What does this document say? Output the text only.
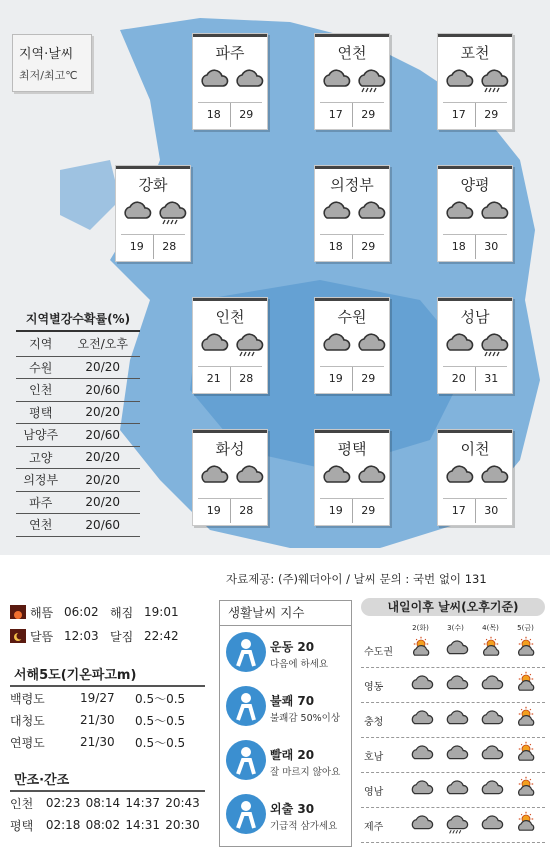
지역·날씨
최저/최고℃
파주
18	29
연천
17	29
포천
17	29
강화
19	28
의정부
18	29
양평
18	30
인천
21	28
수원
19	29
성남
20	31
화성
19	28
평택
19	29
이천
17	30
지역별강수확률(%)
지역	오전/오후
수원	20/20
인천	20/60
평택	20/20
남양주	20/60
고양	20/20
의정부	20/20
파주	20/20
연천	20/60
자료제공: (주)웨더아이 / 날씨 문의 : 국번 없이 131
해뜸 06:02 해짐 19:01
달뜸 12:03 달짐 22:42
서해5도(기온파고m)
백령도	19/27	0.5～0.5
대청도	21/30	0.5～0.5
연평도	21/30	0.5～0.5
만조·간조
인천	02:23 08:14 14:37 20:43
평택	02:18 08:02 14:31 20:30
생활날씨 지수
운동 20
다음에 하세요
불쾌 70
불쾌감 50%이상
빨래 20
잘 마르지 않아요
외출 30
기급적 삼가세요
내일이후 날씨(오후기준)
2(화)	3(수)	4(목)	5(금)
수도권
영동
충청
호남
영남
제주
